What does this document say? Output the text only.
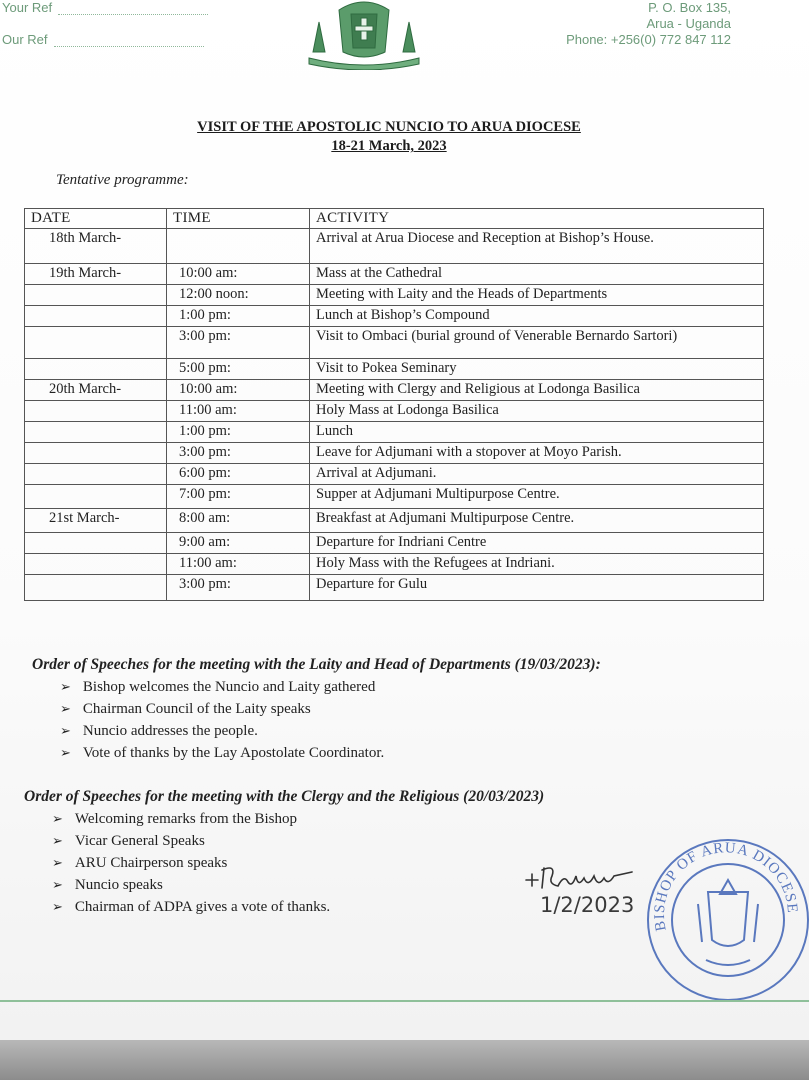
Your Ref
Our Ref
P. O. Box 135,
Arua - Uganda
Phone: +256(0) 772 847 112
VISIT OF THE APOSTOLIC NUNCIO TO ARUA DIOCESE
18-21 March, 2023
Tentative programme:
DATE	TIME	ACTIVITY
18th March-		Arrival at Arua Diocese and Reception at Bishop’s House.
19th March-	10:00 am:	Mass at the Cathedral
	12:00 noon:	Meeting with Laity and the Heads of Departments
	1:00 pm:	Lunch at Bishop’s Compound
	3:00 pm:	Visit to Ombaci (burial ground of Venerable Bernardo Sartori)
	5:00 pm:	Visit to Pokea Seminary
20th March-	10:00 am:	Meeting with Clergy and Religious at Lodonga Basilica
	11:00 am:	Holy Mass at Lodonga Basilica
	1:00 pm:	Lunch
	3:00 pm:	Leave for Adjumani with a stopover at Moyo Parish.
	6:00 pm:	Arrival at Adjumani.
	7:00 pm:	Supper at Adjumani Multipurpose Centre.
21st March-	8:00 am:	Breakfast at Adjumani Multipurpose Centre.
	9:00 am:	Departure for Indriani Centre
	11:00 am:	Holy Mass with the Refugees at Indriani.
	3:00 pm:	Departure for Gulu
Order of Speeches for the meeting with the Laity and Head of Departments (19/03/2023):
➢ Bishop welcomes the Nuncio and Laity gathered
➢ Chairman Council of the Laity speaks
➢ Nuncio addresses the people.
➢ Vote of thanks by the Lay Apostolate Coordinator.
Order of Speeches for the meeting with the Clergy and the Religious (20/03/2023)
➢ Welcoming remarks from the Bishop
➢ Vicar General Speaks
➢ ARU Chairperson speaks
➢ Nuncio speaks
➢ Chairman of ADPA gives a vote of thanks.	1/2/2023
BISHOP OF ARUA DIOCESE
